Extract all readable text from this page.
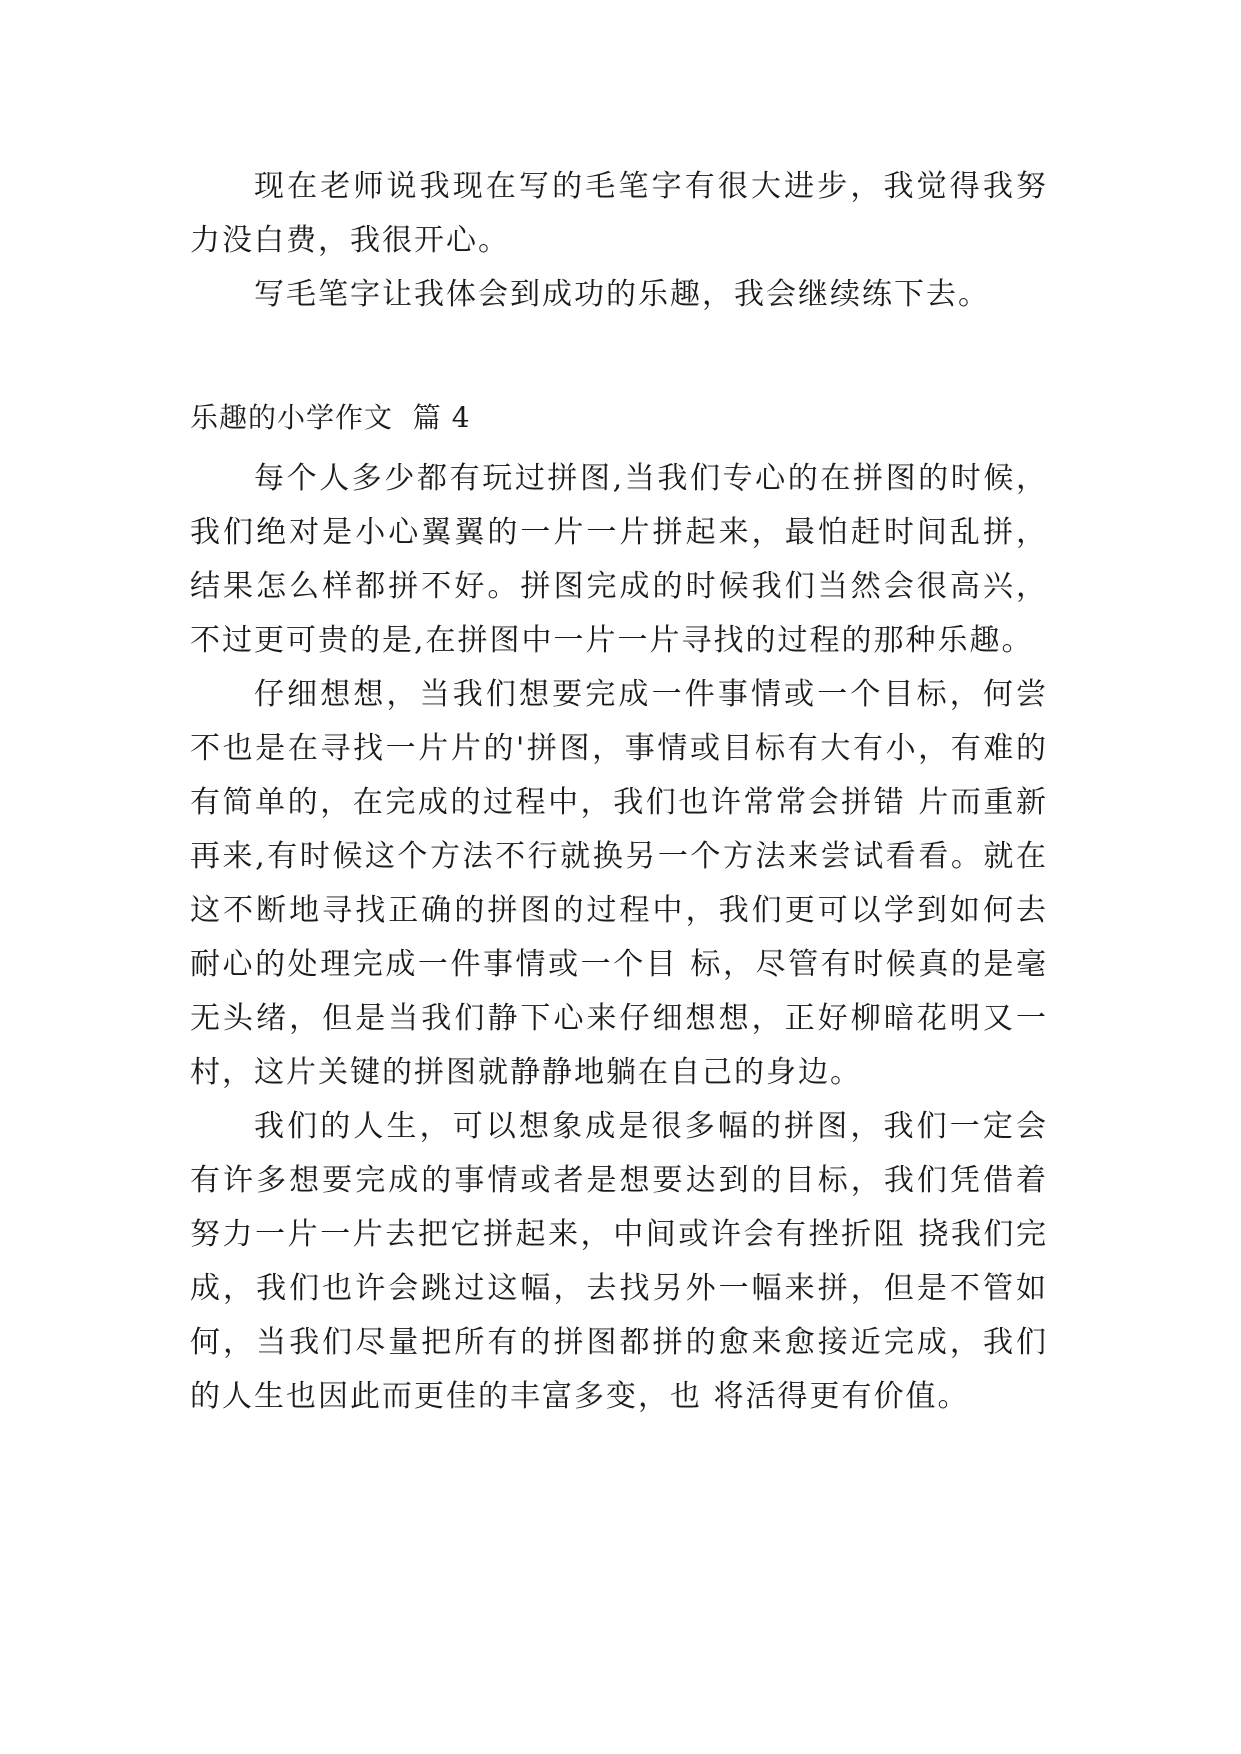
现在老师说我现在写的毛笔字有很大进步，我觉得我努力没白费，我很开心。

写毛笔字让我体会到成功的乐趣，我会继续练下去。

乐趣的小学作文  篇 4

每个人多少都有玩过拼图,当我们专心的在拼图的时候，我们绝对是小心翼翼的一片一片拼起来，最怕赶时间乱拼，结果怎么样都拼不好。拼图完成的时候我们当然会很高兴，不过更可贵的是,在拼图中一片一片寻找的过程的那种乐趣。

仔细想想，当我们想要完成一件事情或一个目标，何尝不也是在寻找一片片的'拼图，事情或目标有大有小，有难的有简单的，在完成的过程中，我们也许常常会拼错 片而重新再来,有时候这个方法不行就换另一个方法来尝试看看。就在这不断地寻找正确的拼图的过程中，我们更可以学到如何去耐心的处理完成一件事情或一个目 标，尽管有时候真的是毫无头绪，但是当我们静下心来仔细想想，正好柳暗花明又一村，这片关键的拼图就静静地躺在自己的身边。

我们的人生，可以想象成是很多幅的拼图，我们一定会有许多想要完成的事情或者是想要达到的目标，我们凭借着努力一片一片去把它拼起来，中间或许会有挫折阻 挠我们完成，我们也许会跳过这幅，去找另外一幅来拼，但是不管如何，当我们尽量把所有的拼图都拼的愈来愈接近完成，我们的人生也因此而更佳的丰富多变，也 将活得更有价值。
